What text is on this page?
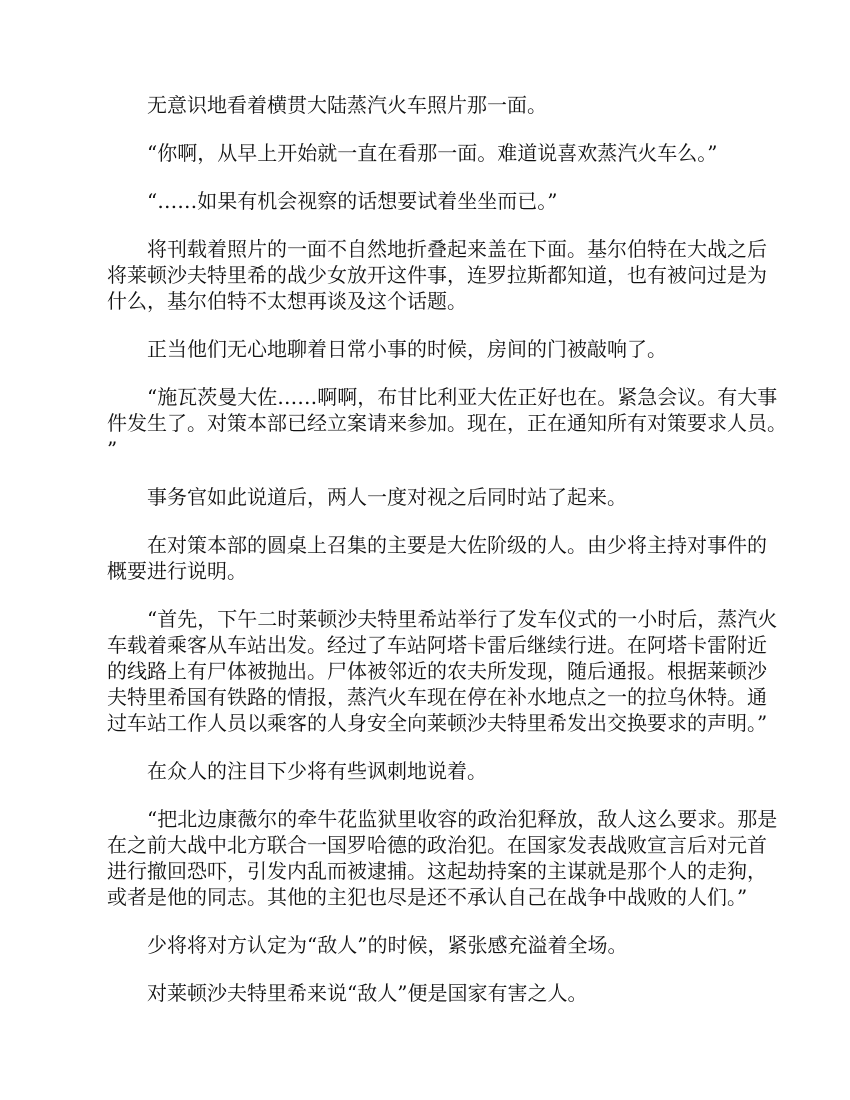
无意识地看着横贯大陆蒸汽火车照片那一面。

“你啊，从早上开始就一直在看那一面。难道说喜欢蒸汽火车么。”

“……如果有机会视察的话想要试着坐坐而已。”

将刊载着照片的一面不自然地折叠起来盖在下面。基尔伯特在大战之后将莱顿沙夫特里希的战少女放开这件事，连罗拉斯都知道，也有被问过是为什么，基尔伯特不太想再谈及这个话题。

正当他们无心地聊着日常小事的时候，房间的门被敲响了。

“施瓦茨曼大佐……啊啊，布甘比利亚大佐正好也在。紧急会议。有大事件发生了。对策本部已经立案请来参加。现在，正在通知所有对策要求人员。”

事务官如此说道后，两人一度对视之后同时站了起来。

在对策本部的圆桌上召集的主要是大佐阶级的人。由少将主持对事件的概要进行说明。

“首先，下午二时莱顿沙夫特里希站举行了发车仪式的一小时后，蒸汽火车载着乘客从车站出发。经过了车站阿塔卡雷后继续行进。在阿塔卡雷附近的线路上有尸体被抛出。尸体被邻近的农夫所发现，随后通报。根据莱顿沙夫特里希国有铁路的情报，蒸汽火车现在停在补水地点之一的拉乌休特。通过车站工作人员以乘客的人身安全向莱顿沙夫特里希发出交换要求的声明。”

在众人的注目下少将有些讽刺地说着。

“把北边康薇尔的牵牛花监狱里收容的政治犯释放，敌人这么要求。那是在之前大战中北方联合一国罗哈德的政治犯。在国家发表战败宣言后对元首进行撤回恐吓，引发内乱而被逮捕。这起劫持案的主谋就是那个人的走狗，或者是他的同志。其他的主犯也尽是还不承认自己在战争中战败的人们。”

少将将对方认定为“敌人”的时候，紧张感充溢着全场。

对莱顿沙夫特里希来说“敌人”便是国家有害之人。
